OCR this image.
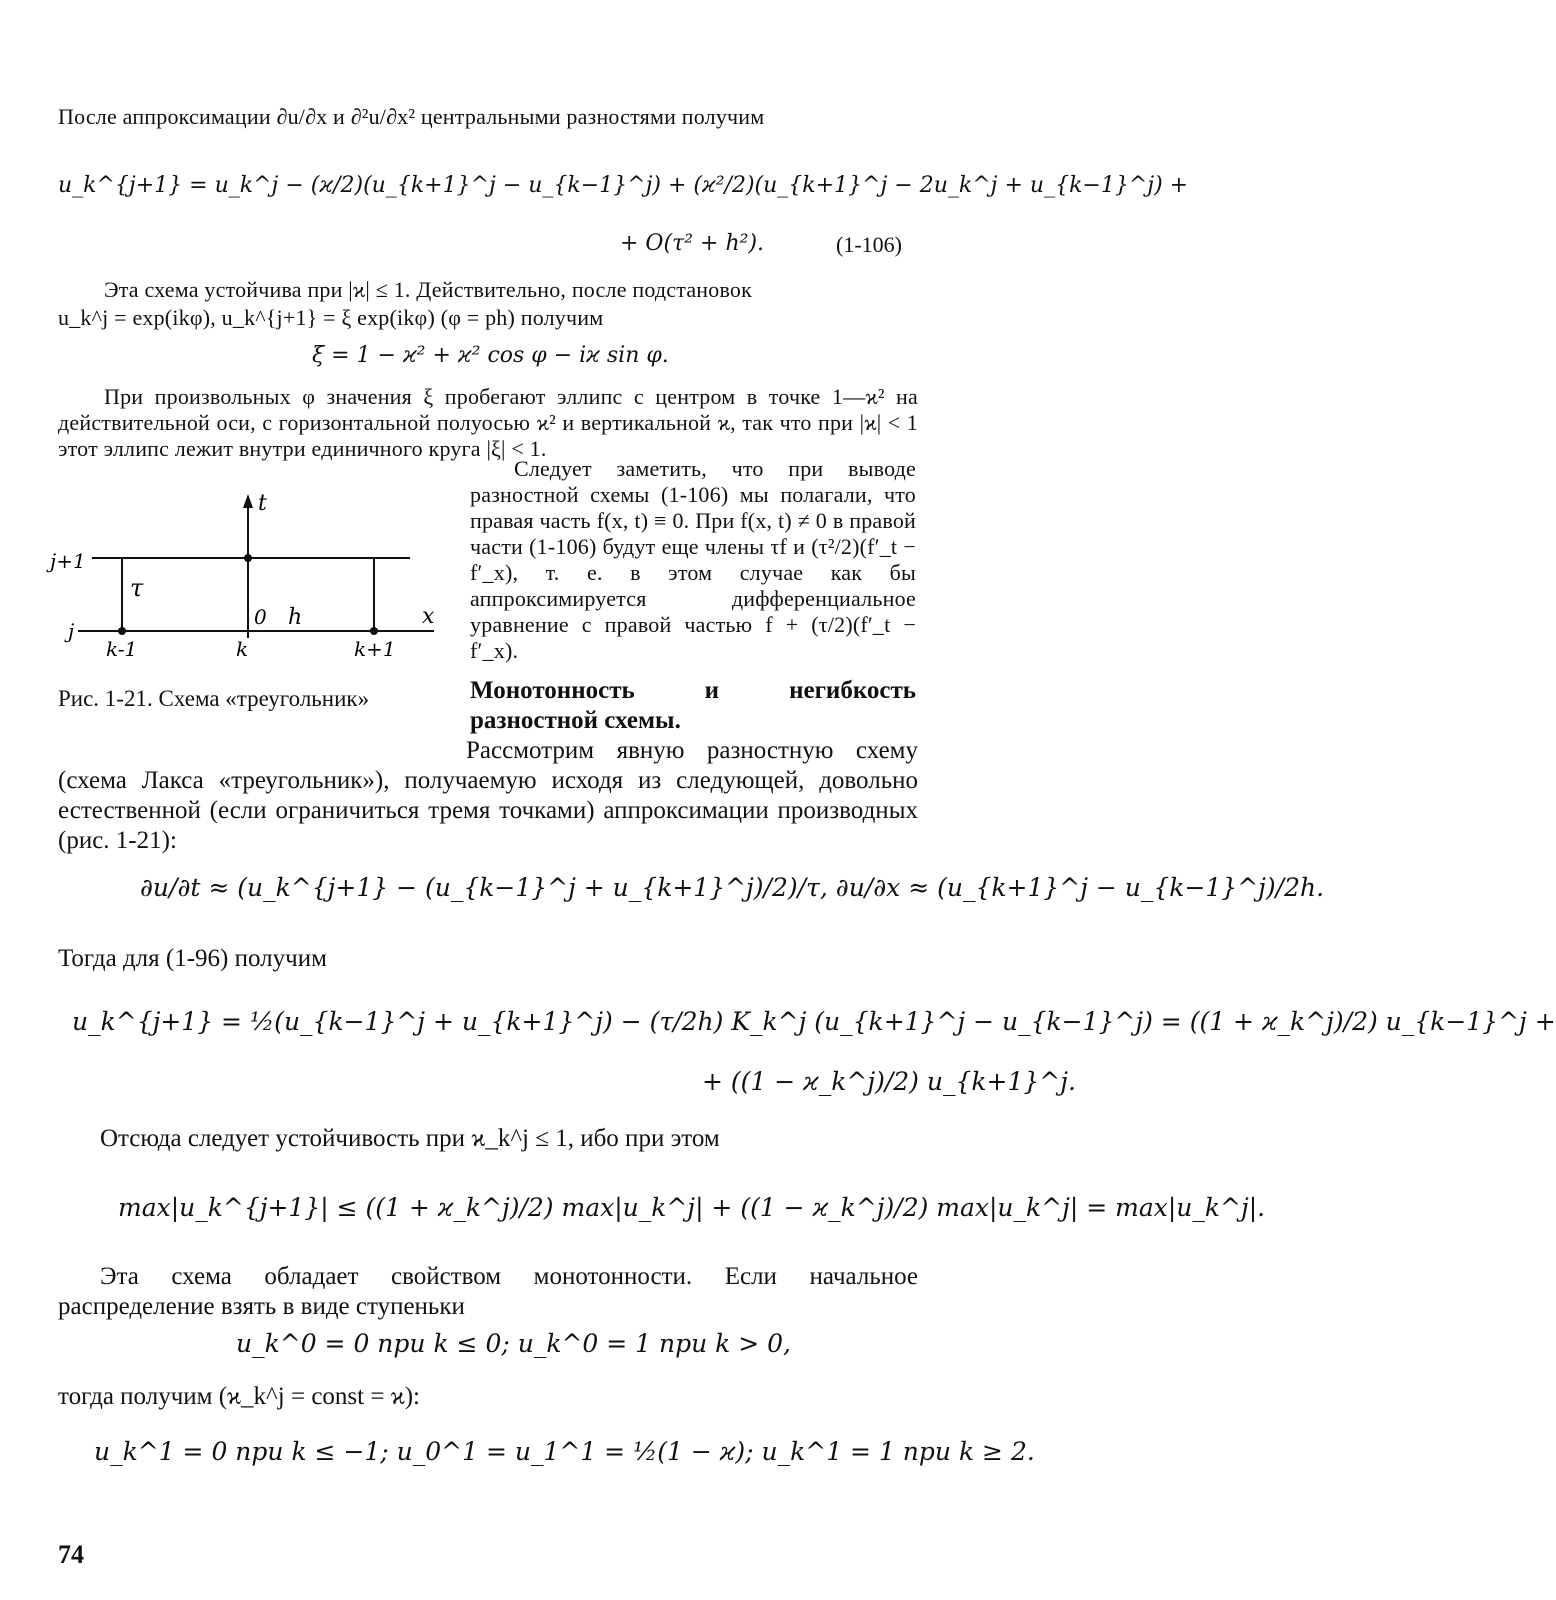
После аппроксимации ∂u/∂x и ∂²u/∂x² центральными разностями получим
u_k^{j+1} = u_k^j − (ϰ/2)(u_{k+1}^j − u_{k−1}^j) + (ϰ²/2)(u_{k+1}^j − 2u_k^j + u_{k−1}^j) +
+ O(τ² + h²).	(1-106)
Эта схема устойчива при |ϰ| ≤ 1. Действительно, после подстановок
u_k^j = exp(ikφ), u_k^{j+1} = ξ exp(ikφ) (φ = ph) получим
ξ = 1 − ϰ² + ϰ² cos φ − iϰ sin φ.
При произвольных φ значения ξ пробегают эллипс с центром в точке 1—ϰ² на действительной оси, с горизонтальной полуосью ϰ² и вертикальной ϰ, так что при |ϰ| < 1 этот эллипс лежит внутри единичного круга |ξ| < 1.
t
x
j+1
j
τ
0 h
k-1	k	k+1
Рис. 1-21. Схема «треугольник»
Следует заметить, что при выводе разностной схемы (1-106) мы полагали, что правая часть f(x, t) ≡ 0. При f(x, t) ≠ 0 в правой части (1-106) будут еще члены τf и (τ²/2)(f′_t − f′_x), т. е. в этом случае как бы аппроксимируется дифференциальное уравнение с правой частью f + (τ/2)(f′_t − f′_x).
Монотонность и негибкость разностной схемы.
Рассмотрим явную разностную схему (схема Лакса «треугольник»), получаемую исходя из следующей, довольно естественной (если ограничиться тремя точками) аппроксимации производных (рис. 1-21):
∂u/∂t ≈ (u_k^{j+1} − (u_{k−1}^j + u_{k+1}^j)/2)/τ, ∂u/∂x ≈ (u_{k+1}^j − u_{k−1}^j)/2h.
Тогда для (1-96) получим
u_k^{j+1} = ½(u_{k−1}^j + u_{k+1}^j) − (τ/2h) K_k^j (u_{k+1}^j − u_{k−1}^j) = ((1 + ϰ_k^j)/2) u_{k−1}^j +
+ ((1 − ϰ_k^j)/2) u_{k+1}^j.
Отсюда следует устойчивость при ϰ_k^j ≤ 1, ибо при этом
max|u_k^{j+1}| ≤ ((1 + ϰ_k^j)/2) max|u_k^j| + ((1 − ϰ_k^j)/2) max|u_k^j| = max|u_k^j|.
Эта схема обладает свойством монотонности. Если начальное распределение взять в виде ступеньки
u_k^0 = 0 при k ≤ 0; u_k^0 = 1 при k > 0,
тогда получим (ϰ_k^j = const = ϰ):
u_k^1 = 0 при k ≤ −1; u_0^1 = u_1^1 = ½(1 − ϰ); u_k^1 = 1 при k ≥ 2.
74
